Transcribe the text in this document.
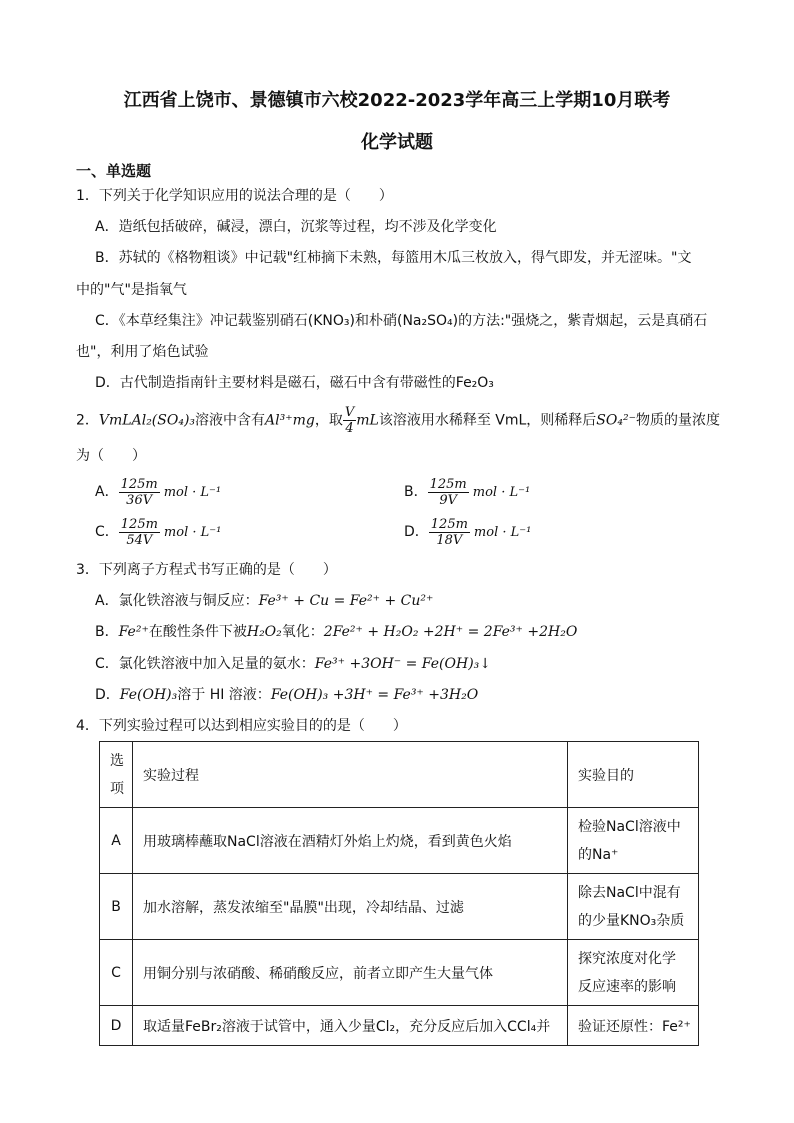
江西省上饶市、景德镇市六校2022-2023学年高三上学期10月联考
化学试题
一、单选题
1．下列关于化学知识应用的说法合理的是（　　）
A．造纸包括破碎，碱浸，漂白，沉浆等过程，均不涉及化学变化
B．苏轼的《格物粗谈》中记载"红柿摘下未熟，每篮用木瓜三枚放入，得气即发，并无涩味。"文
中的"气"是指氧气
C．《本草经集注》冲记载鉴别硝石(KNO₃)和朴硝(Na₂SO₄)的方法:"强烧之，紫青烟起，云是真硝石
也"，利用了焰色试验
D．古代制造指南针主要材料是磁石，磁石中含有带磁性的Fe₂O₃
2．VmLAl₂(SO₄)₃溶液中含有Al³⁺mg，取 $\frac{V}{4}$ mL该溶液用水稀释至 VmL，则稀释后SO₄²⁻物质的量浓度
为（　　）
A． $\frac{125m}{36V}$ mol · L⁻¹	B． $\frac{125m}{9V}$ mol · L⁻¹
C． $\frac{125m}{54V}$ mol · L⁻¹	D． $\frac{125m}{18V}$ mol · L⁻¹
3．下列离子方程式书写正确的是（　　）
A．氯化铁溶液与铜反应：Fe³⁺ + Cu = Fe²⁺ + Cu²⁺
B．Fe²⁺在酸性条件下被H₂O₂氧化：2Fe²⁺ + H₂O₂ +2H⁺ = 2Fe³⁺ +2H₂O
C．氯化铁溶液中加入足量的氨水：Fe³⁺ +3OH⁻ = Fe(OH)₃↓
D．Fe(OH)₃溶于 HI 溶液：Fe(OH)₃ +3H⁺ = Fe³⁺ +3H₂O
4．下列实验过程可以达到相应实验目的的是（　　）
选项	实验过程	实验目的
A	用玻璃棒蘸取NaCl溶液在酒精灯外焰上灼烧，看到黄色火焰	检验NaCl溶液中的Na⁺
B	加水溶解，蒸发浓缩至"晶膜"出现，冷却结晶、过滤	除去NaCl中混有的少量KNO₃杂质
C	用铜分别与浓硝酸、稀硝酸反应，前者立即产生大量气体	探究浓度对化学反应速率的影响
D	取适量FeBr₂溶液于试管中，通入少量Cl₂，充分反应后加入CCl₄并	验证还原性：Fe²⁺
